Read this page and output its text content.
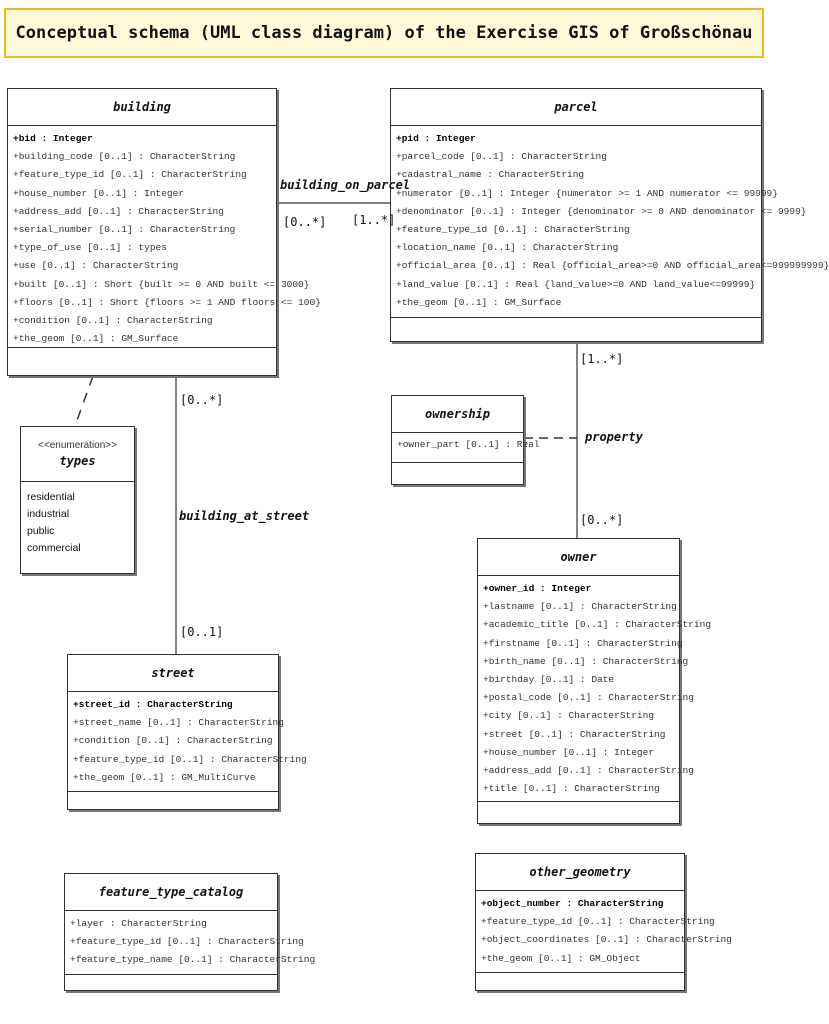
Conceptual schema (UML class diagram) of the Exercise GIS of Großschönau
building
+bid : Integer
+building_code [0..1] : CharacterString
+feature_type_id [0..1] : CharacterString
+house_number [0..1] : Integer
+address_add [0..1] : CharacterString
+serial_number [0..1] : CharacterString
+type_of_use [0..1] : types
+use [0..1] : CharacterString
+built [0..1] : Short {built >= 0 AND built <= 3000}
+floors [0..1] : Short {floors >= 1 AND floors <= 100}
+condition [0..1] : CharacterString
+the_geom [0..1] : GM_Surface
parcel
+pid : Integer
+parcel_code [0..1] : CharacterString
+cadastral_name : CharacterString
+numerator [0..1] : Integer {numerator >= 1 AND numerator <= 99999}
+denominator [0..1] : Integer {denominator >= 0 AND denominator <= 9999}
+feature_type_id [0..1] : CharacterString
+location_name [0..1] : CharacterString
+official_area [0..1] : Real {official_area>=0 AND official_area<=999999999}
+land_value [0..1] : Real {land_value>=0 AND land_value<=99999}
+the_geom [0..1] : GM_Surface
<<enumeration>>
types
residential
industrial
public
commercial
ownership
+owner_part [0..1] : Real
street
+street_id : CharacterString
+street_name [0..1] : CharacterString
+condition [0..1] : CharacterString
+feature_type_id [0..1] : CharacterString
+the_geom [0..1] : GM_MultiCurve
owner
+owner_id : Integer
+lastname [0..1] : CharacterString
+academic_title [0..1] : CharacterString
+firstname [0..1] : CharacterString
+birth_name [0..1] : CharacterString
+birthday [0..1] : Date
+postal_code [0..1] : CharacterString
+city [0..1] : CharacterString
+street [0..1] : CharacterString
+house_number [0..1] : Integer
+address_add [0..1] : CharacterString
+title [0..1] : CharacterString
feature_type_catalog
+layer : CharacterString
+feature_type_id [0..1] : CharacterString
+feature_type_name [0..1] : CharacterString
other_geometry
+object_number : CharacterString
+feature_type_id [0..1] : CharacterString
+object_coordinates [0..1] : CharacterString
+the_geom [0..1] : GM_Object
building_on_parcel
[0..*] [1..*]
[0..*]
building_at_street
[0..1]
[1..*]
property
[0..*]
